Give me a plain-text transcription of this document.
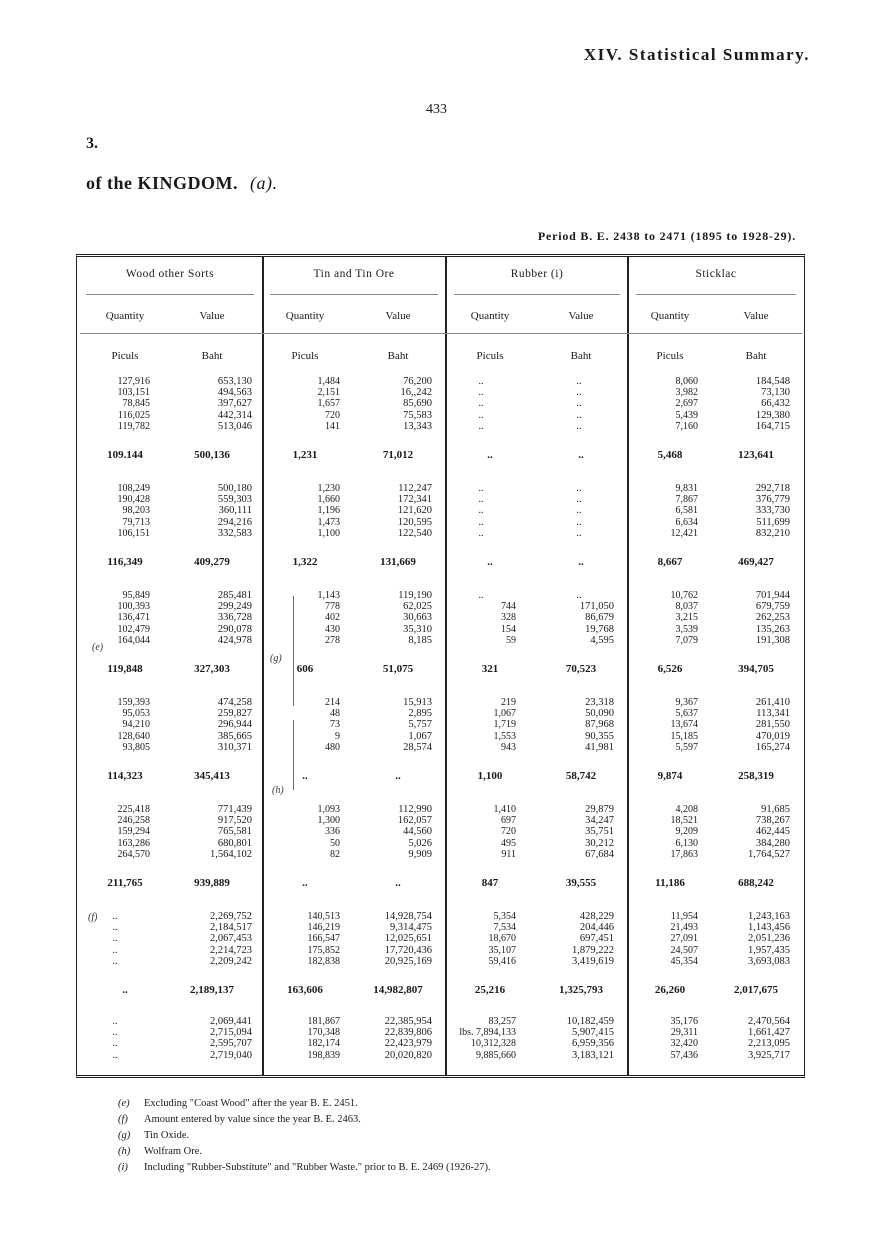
XIV. Statistical Summary.
433
3.
of the KINGDOM. (a).
Period B. E. 2438 to 2471 (1895 to 1928-29).
(e)
(g)
(h)
(f)
(e) Excluding "Coast Wood" after the year B. E. 2451.
(f) Amount entered by value since the year B. E. 2463.
(g) Tin Oxide.
(h) Wolfram Ore.
(i) Including "Rubber-Substitute" and "Rubber Waste." prior to B. E. 2469 (1926-27).
Wood other Sorts
Quantity	Value
Piculs	Baht
Tin and Tin Ore
Quantity	Value
Piculs	Baht
Rubber (i)
Quantity	Value
Piculs	Baht
Sticklac
Quantity	Value
Piculs	Baht
127,916	653,130	1,484	76,200	..	..	8,060	184,548
103,151	494,563	2,151	16,,242	..	..	3,982	73,130
78,845	397,627	1,657	85,690	..	..	2,697	66,432
116,025	442,314	720	75,583	..	..	5,439	129,380
119,782	513,046	141	13,343	..	..	7,160	164,715
109.144	500,136	1,231	71,012	..	..	5,468	123,641
108,249	500,180	1,230	112,247	..	..	9,831	292,718
190,428	559,303	1,660	172,341	..	..	7,867	376,779
98,203	360,111	1,196	121,620	..	..	6,581	333,730
79,713	294,216	1,473	120,595	..	..	6,634	511,699
106,151	332,583	1,100	122,540	..	..	12,421	832,210
116,349	409,279	1,322	131,669	..	..	8,667	469,427
95,849	285,481	1,143	119,190	..	..	10,762	701,944
100,393	299,249	778	62,025	744	171,050	8,037	679,759
136,471	336,728	402	30,663	328	86,679	3,215	262,253
102,479	290,078	430	35,310	154	19,768	3,539	135,263
164,044	424,978	278	8,185	59	4,595	7,079	191,308
119,848	327,303	606	51,075	321	70,523	6,526	394,705
159,393	474,258	214	15,913	219	23,318	9,367	261,410
95,053	259,827	48	2,895	1,067	50,090	5,637	113,341
94,210	296,944	73	5,757	1,719	87,968	13,674	281,550
128,640	385,665	9	1,067	1,553	90,355	15,185	470,019
93,805	310,371	480	28,574	943	41,981	5,597	165,274
114,323	345,413	..	..	1,100	58,742	9,874	258,319
225,418	771,439	1,093	112,990	1,410	29,879	4,208	91,685
246,258	917,520	1,300	162,057	697	34,247	18,521	738,267
159,294	765,581	336	44,560	720	35,751	9,209	462,445
163,286	680,801	50	5,026	495	30,212	6,130	384,280
264,570	1,564,102	82	9,909	911	67,684	17,863	1,764,527
211,765	939,889	..	..	847	39,555	11,186	688,242
..	2,269,752	140,513	14,928,754	5,354	428,229	11,954	1,243,163
..	2,184,517	146,219	9,314,475	7,534	204,446	21,493	1,143,456
..	2,067,453	166,547	12,025,651	18,670	697,451	27,091	2,051,236
..	2,214,723	175,852	17,720,436	35,107	1,879,222	24,507	1,957,435
..	2,209,242	182,838	20,925,169	59,416	3,419,619	45,354	3,693,083
..	2,189,137	163,606	14,982,807	25,216	1,325,793	26,260	2,017,675
..	2,069,441	181,867	22,385,954	83,257	10,182,459	35,176	2,470,564
..	2,715,094	170,348	22,839,806	lbs. 7,894,133	5,907,415	29,311	1,661,427
..	2,595,707	182,174	22,423,979	10,312,328	6,959,356	32,420	2,213,095
..	2,719,040	198,839	20,020,820	9,885,660	3,183,121	57,436	3,925,717
